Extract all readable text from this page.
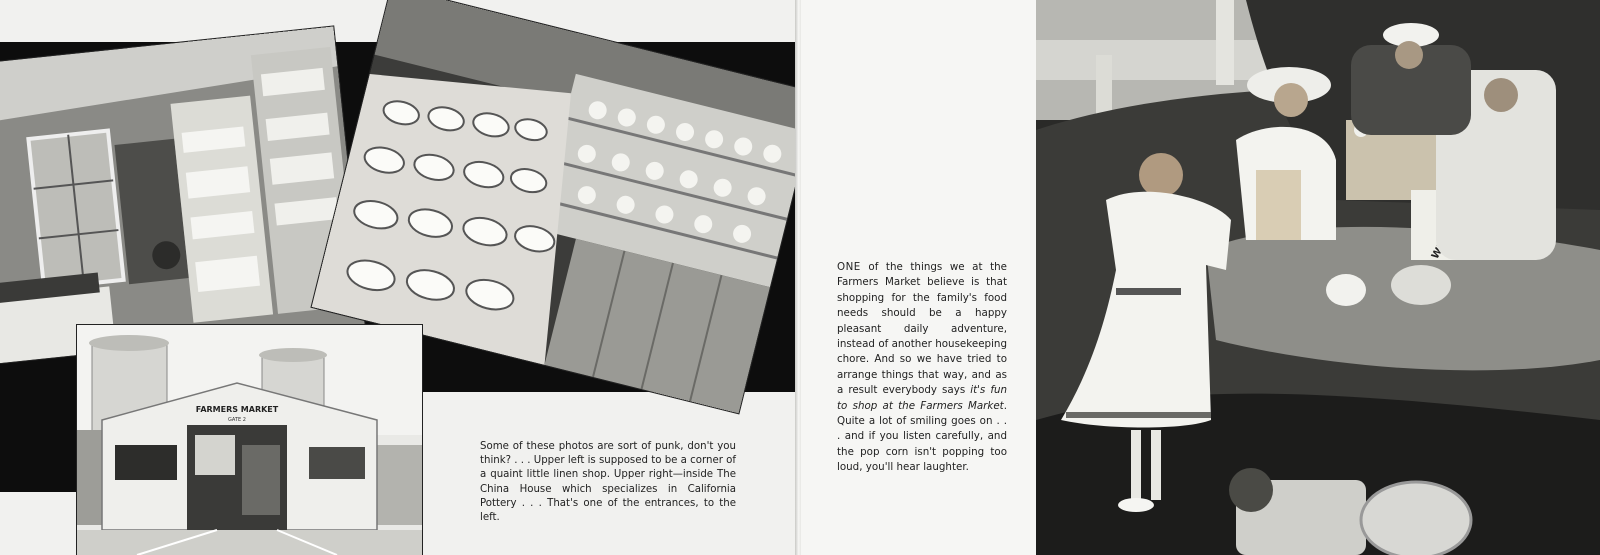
FARMERS MARKET
GATE 2

Some of these photos are sort of punk, don't you think? . . . Upper left is supposed to be a corner of a quaint little linen shop. Upper right—inside The China House which specializes in California Pottery . . . That's one of the entrances, to the left.

ONE of the things we at the Farmers Market believe is that shopping for the family's food needs should be a happy pleasant daily adventure, instead of another housekeeping chore. And so we have tried to arrange things that way, and as a result everybody says it's fun to shop at the Farmers Market. Quite a lot of smiling goes on . . . and if you listen carefully, and the pop corn isn't popping too loud, you'll hear laughter.
